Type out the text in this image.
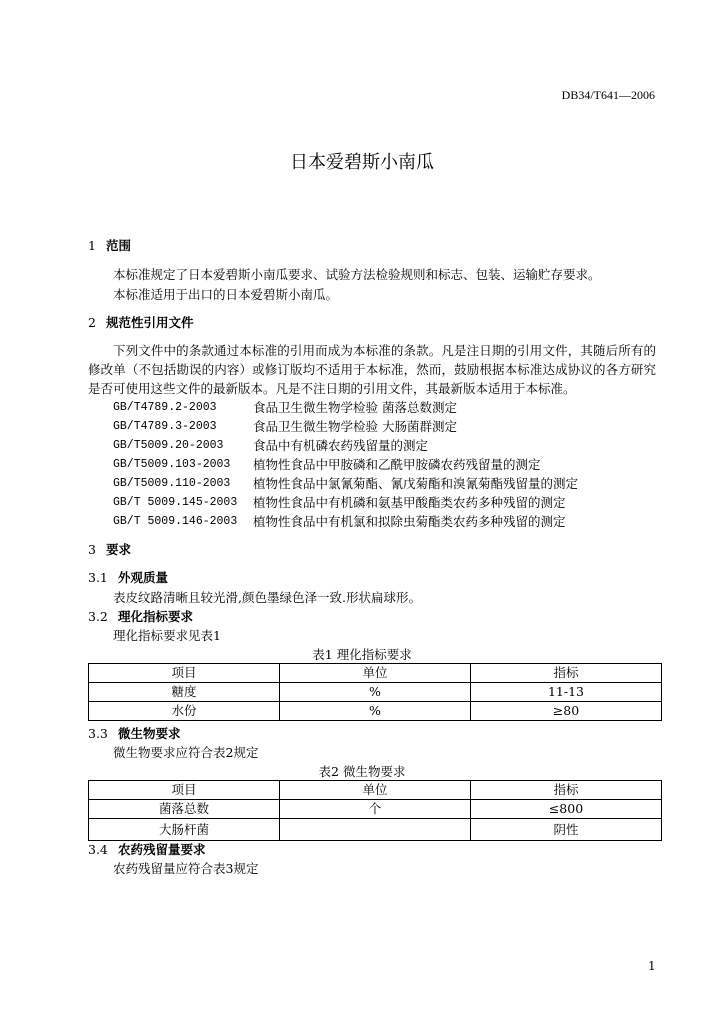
DB34/T641—2006
日本爱碧斯小南瓜
1 范围
本标准规定了日本爱碧斯小南瓜要求、试验方法检验规则和标志、包装、运输贮存要求。
本标准适用于出口的日本爱碧斯小南瓜。
2 规范性引用文件
下列文件中的条款通过本标准的引用而成为本标准的条款。凡是注日期的引用文件，其随后所有的
修改单（不包括勘误的内容）或修订版均不适用于本标准，然而，鼓励根据本标准达成协议的各方研究
是否可使用这些文件的最新版本。凡是不注日期的引用文件，其最新版本适用于本标准。
GB/T4789.2-2003	食品卫生微生物学检验 菌落总数测定
GB/T4789.3-2003	食品卫生微生物学检验 大肠菌群测定
GB/T5009.20-2003 食品中有机磷农药残留量的测定
GB/T5009.103-2003 植物性食品中甲胺磷和乙酰甲胺磷农药残留量的测定
GB/T5009.110-2003 植物性食品中氯氰菊酯、氰戊菊酯和溴氰菊酯残留量的测定
GB/T 5009.145-2003 植物性食品中有机磷和氨基甲酸酯类农药多种残留的测定
GB/T 5009.146-2003 植物性食品中有机氯和拟除虫菊酯类农药多种残留的测定
3 要求
3.1 外观质量
表皮纹路清晰且较光滑,颜色墨绿色泽一致.形状扁球形。
3.2 理化指标要求
理化指标要求见表1
表1 理化指标要求
项目	单位	指标
糖度	%	11-13
水份	%	≥80
3.3 微生物要求
微生物要求应符合表2规定
表2 微生物要求
项目	单位	指标
菌落总数	个	≤800
大肠杆菌		阴性
3.4 农药残留量要求
农药残留量应符合表3规定
1
